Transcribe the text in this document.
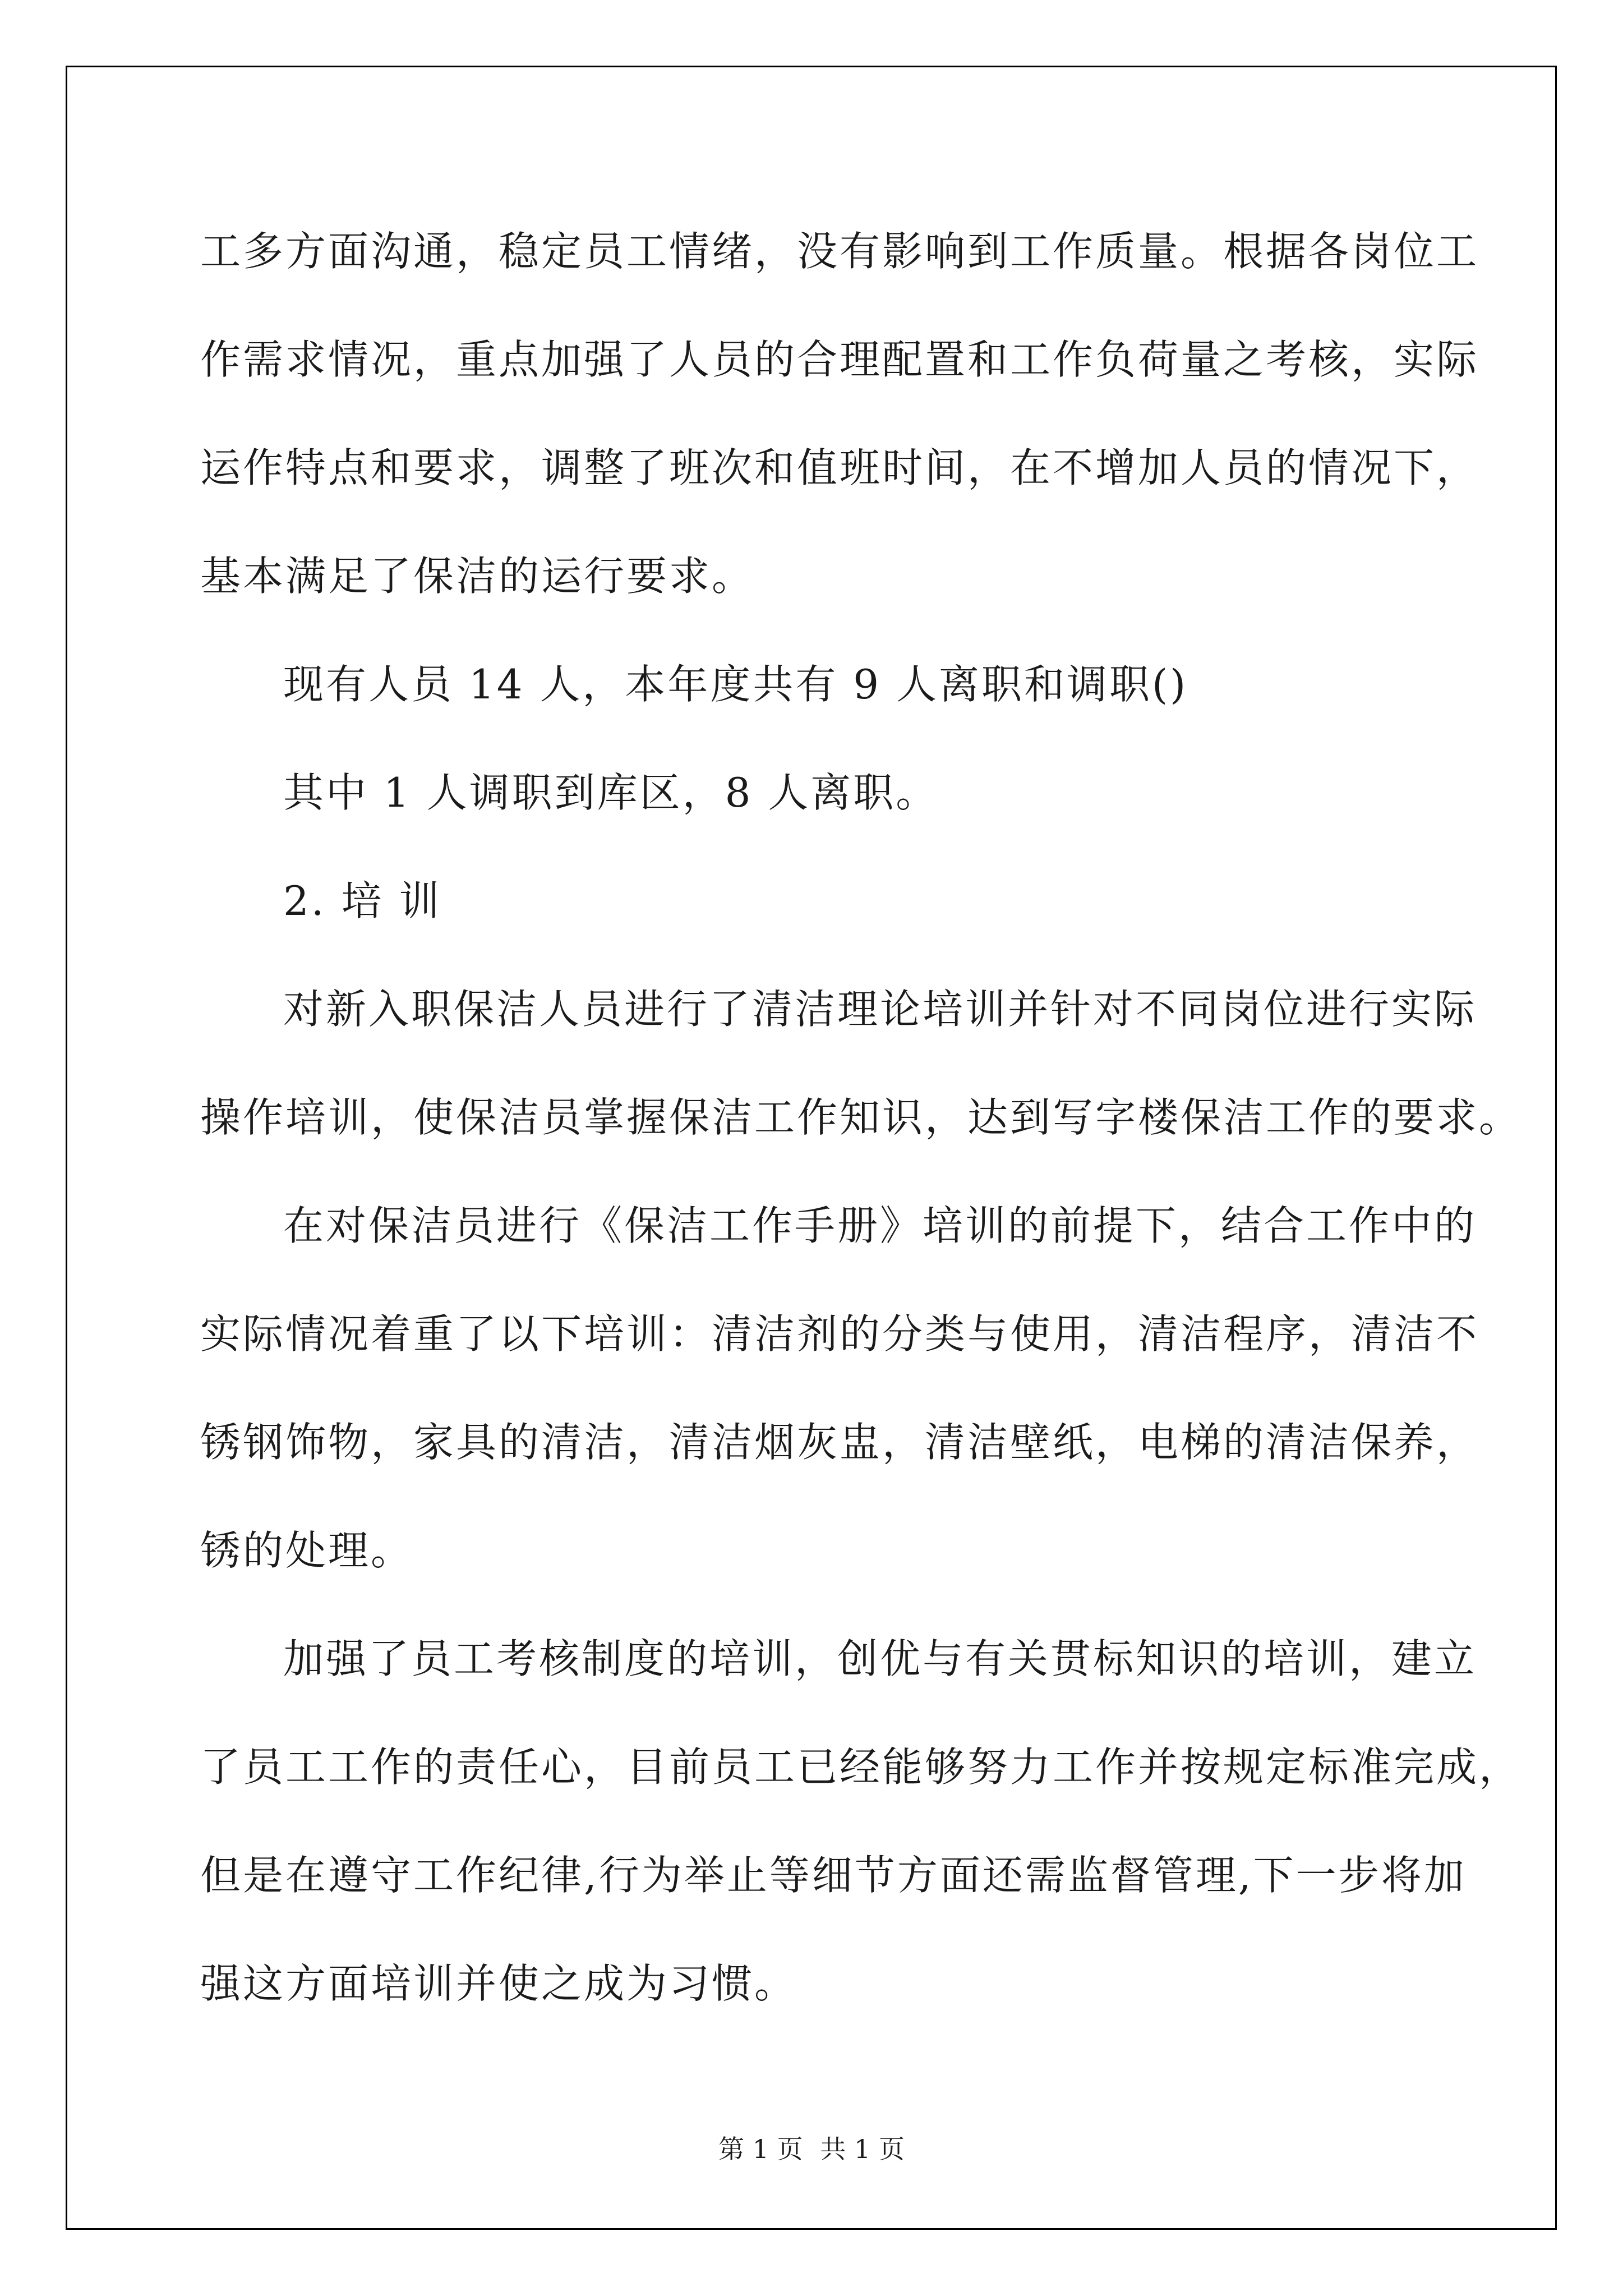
工多方面沟通，稳定员工情绪，没有影响到工作质量。根据各岗位工
作需求情况，重点加强了人员的合理配置和工作负荷量之考核，实际
运作特点和要求，调整了班次和值班时间，在不增加人员的情况下，
基本满足了保洁的运行要求。
现有人员 14 人，本年度共有 9 人离职和调职()
其中 1 人调职到库区，8 人离职。
2. 培 训
对新入职保洁人员进行了清洁理论培训并针对不同岗位进行实际
操作培训，使保洁员掌握保洁工作知识，达到写字楼保洁工作的要求。
在对保洁员进行《保洁工作手册》培训的前提下，结合工作中的
实际情况着重了以下培训：清洁剂的分类与使用，清洁程序，清洁不
锈钢饰物，家具的清洁，清洁烟灰盅，清洁壁纸，电梯的清洁保养，
锈的处理。
加强了员工考核制度的培训，创优与有关贯标知识的培训，建立
了员工工作的责任心，目前员工已经能够努力工作并按规定标准完成，
但是在遵守工作纪律,行为举止等细节方面还需监督管理,下一步将加
强这方面培训并使之成为习惯。
第 1 页 共 1 页
